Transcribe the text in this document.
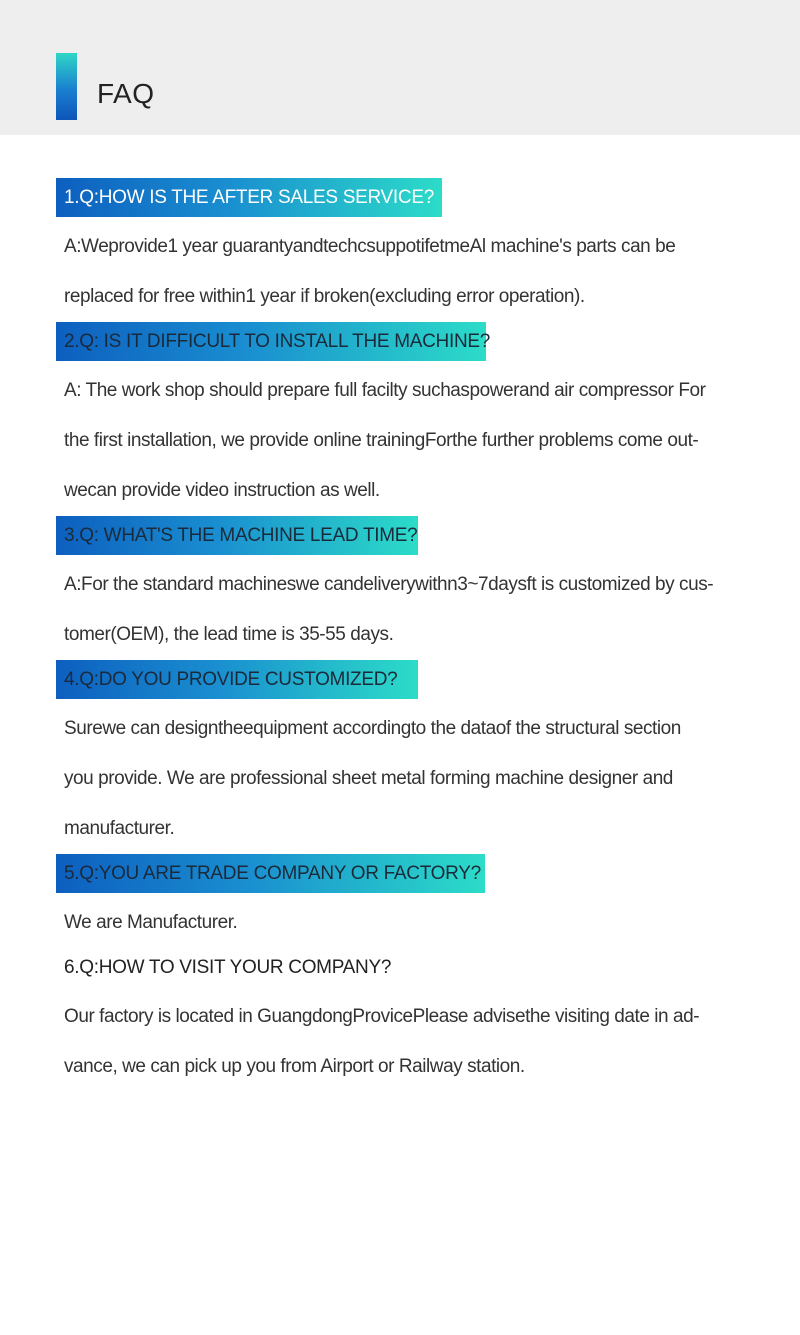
FAQ
1.Q:HOW IS THE AFTER SALES SERVICE?

A:Weprovide1 year guarantyandtechcsuppotifetmeAl machine's parts can be
replaced for free within1 year if broken(excluding error operation).

2.Q: IS IT DIFFICULT TO INSTALL THE MACHINE?

A: The work shop should prepare full facilty suchaspowerand air compressor For
the first installation, we provide online trainingForthe further problems come out-
wecan provide video instruction as well.

3.Q: WHAT'S THE MACHINE LEAD TIME?

A:For the standard machineswe candeliverywithn3~7daysft is customized by cus-
tomer(OEM), the lead time is 35-55 days.

4.Q:DO YOU PROVIDE CUSTOMIZED?

Surewe can designtheequipment accordingto the dataof the structural section
you provide. We are professional sheet metal forming machine designer and
manufacturer.

5.Q:YOU ARE TRADE COMPANY OR FACTORY?

We are Manufacturer.

6.Q:HOW TO VISIT YOUR COMPANY?

Our factory is located in GuangdongProvicePlease advisethe visiting date in ad-
vance, we can pick up you from Airport or Railway station.
